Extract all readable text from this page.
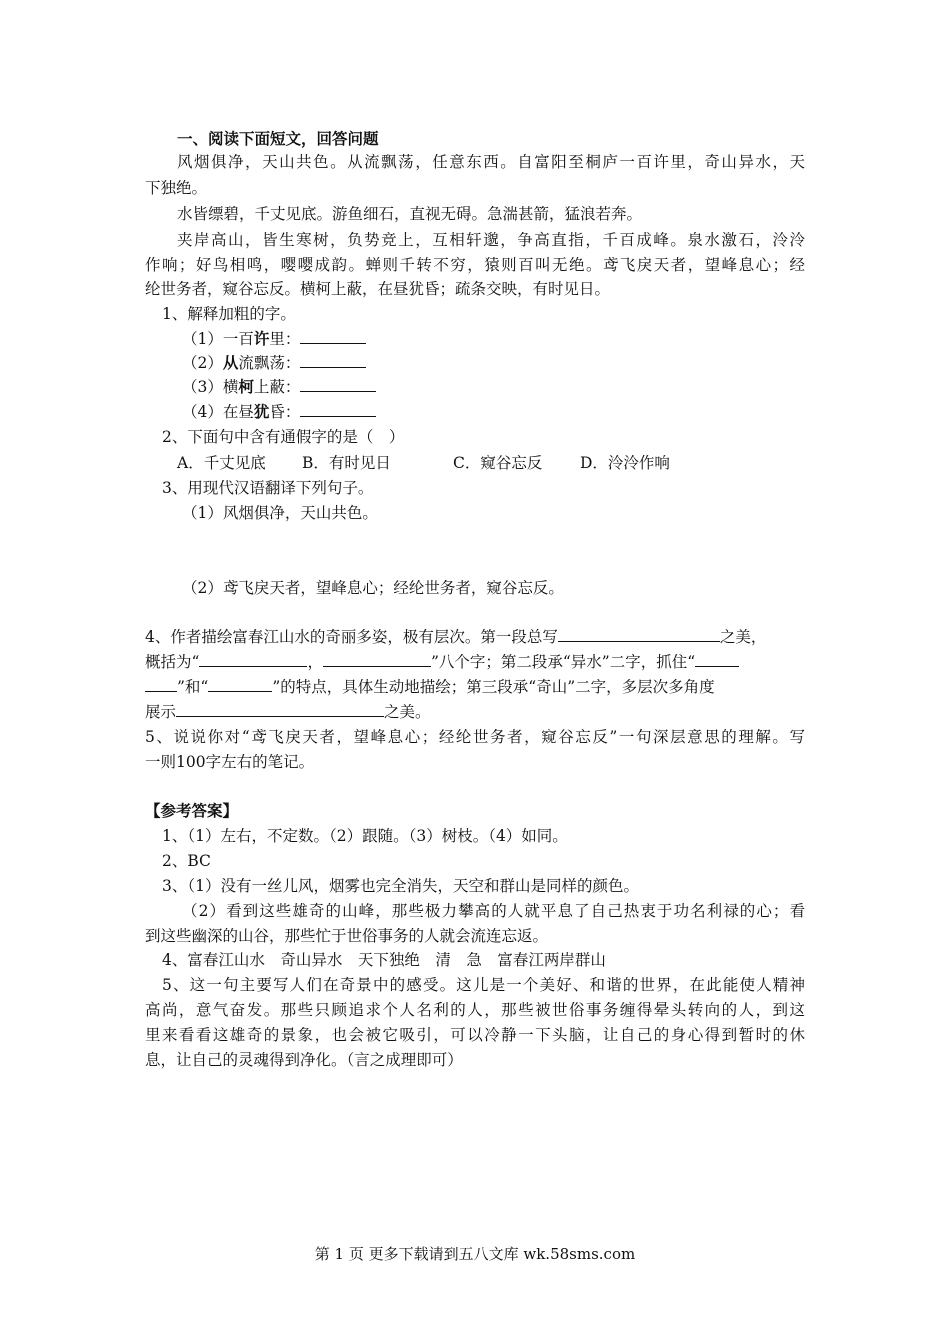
一、阅读下面短文，回答问题
风烟俱净，天山共色。从流飘荡，任意东西。自富阳至桐庐一百许里，奇山异水，天
下独绝。
水皆缥碧，千丈见底。游鱼细石，直视无碍。急湍甚箭，猛浪若奔。
夹岸高山，皆生寒树，负势竞上，互相轩邈，争高直指，千百成峰。泉水激石，泠泠
作响；好鸟相鸣，嘤嘤成韵。蝉则千转不穷，猿则百叫无绝。鸢飞戾天者，望峰息心；经
纶世务者，窥谷忘反。横柯上蔽，在昼犹昏；疏条交映，有时见日。
1、解释加粗的字。
（1）一百许里：
（2）从流飘荡：
（3）横柯上蔽：
（4）在昼犹昏：
2、下面句中含有通假字的是（　）
A．千丈见底 B．有时见日	C．窥谷忘反 D．泠泠作响
3、用现代汉语翻译下列句子。
（1）风烟俱净，天山共色。
（2）鸢飞戾天者，望峰息心；经纶世务者，窥谷忘反。
4、作者描绘富春江山水的奇丽多姿，极有层次。第一段总写	之美，
概括为“	，	”八个字；第二段承“异水”二字，抓住“
”和“	”的特点，具体生动地描绘；第三段承“奇山”二字，多层次多角度
展示	之美。
5、说说你对“鸢飞戾天者，望峰息心；经纶世务者，窥谷忘反”一句深层意思的理解。写
一则100字左右的笔记。
【参考答案】
1、（1）左右，不定数。（2）跟随。（3）树枝。（4）如同。
2、BC
3、（1）没有一丝儿风，烟雾也完全消失，天空和群山是同样的颜色。
（2）看到这些雄奇的山峰，那些极力攀高的人就平息了自己热衷于功名利禄的心；看
到这些幽深的山谷，那些忙于世俗事务的人就会流连忘返。
4、富春江山水　奇山异水　天下独绝　清　急　富春江两岸群山
5、这一句主要写人们在奇景中的感受。这儿是一个美好、和谐的世界，在此能使人精神
高尚，意气奋发。那些只顾追求个人名利的人，那些被世俗事务缠得晕头转向的人，到这
里来看看这雄奇的景象，也会被它吸引，可以冷静一下头脑，让自己的身心得到暂时的休
息，让自己的灵魂得到净化。（言之成理即可）
第 1 页 更多下载请到五八文库 wk.58sms.com
